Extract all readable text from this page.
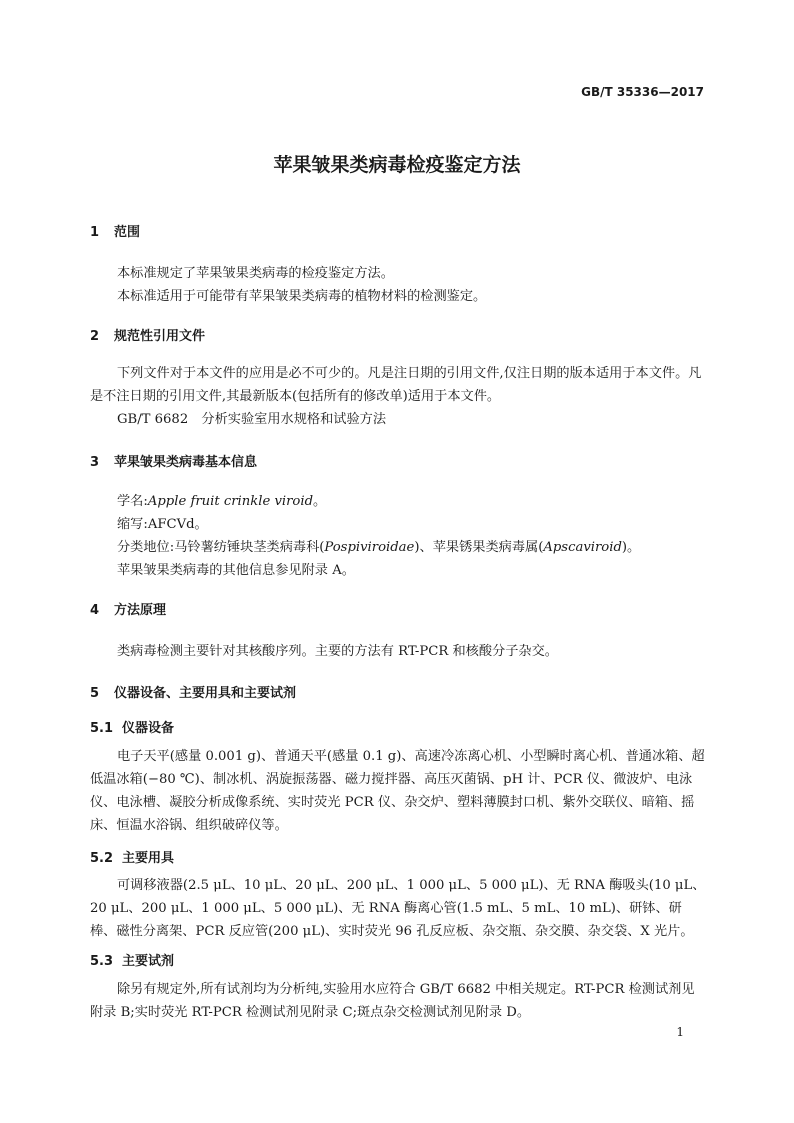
GB/T 35336—2017
苹果皱果类病毒检疫鉴定方法
1 范围
本标准规定了苹果皱果类病毒的检疫鉴定方法。
本标准适用于可能带有苹果皱果类病毒的植物材料的检测鉴定。
2 规范性引用文件
下列文件对于本文件的应用是必不可少的。凡是注日期的引用文件,仅注日期的版本适用于本文件。凡是不注日期的引用文件,其最新版本(包括所有的修改单)适用于本文件。
GB/T 6682　分析实验室用水规格和试验方法
3 苹果皱果类病毒基本信息
学名:Apple fruit crinkle viroid。
缩写:AFCVd。
分类地位:马铃薯纺锤块茎类病毒科(Pospiviroidae)、苹果锈果类病毒属(Apscaviroid)。
苹果皱果类病毒的其他信息参见附录 A。
4 方法原理
类病毒检测主要针对其核酸序列。主要的方法有 RT-PCR 和核酸分子杂交。
5 仪器设备、主要用具和主要试剂
5.1 仪器设备
电子天平(感量 0.001 g)、普通天平(感量 0.1 g)、高速冷冻离心机、小型瞬时离心机、普通冰箱、超低温冰箱(−80 ℃)、制冰机、涡旋振荡器、磁力搅拌器、高压灭菌锅、pH 计、PCR 仪、微波炉、电泳仪、电泳槽、凝胶分析成像系统、实时荧光 PCR 仪、杂交炉、塑料薄膜封口机、紫外交联仪、暗箱、摇床、恒温水浴锅、组织破碎仪等。
5.2 主要用具
可调移液器(2.5 μL、10 μL、20 μL、200 μL、1 000 μL、5 000 μL)、无 RNA 酶吸头(10 μL、20 μL、200 μL、1 000 μL、5 000 μL)、无 RNA 酶离心管(1.5 mL、5 mL、10 mL)、研钵、研棒、磁性分离架、PCR 反应管(200 μL)、实时荧光 96 孔反应板、杂交瓶、杂交膜、杂交袋、X 光片。
5.3 主要试剂
除另有规定外,所有试剂均为分析纯,实验用水应符合 GB/T 6682 中相关规定。RT-PCR 检测试剂见附录 B;实时荧光 RT-PCR 检测试剂见附录 C;斑点杂交检测试剂见附录 D。
1
